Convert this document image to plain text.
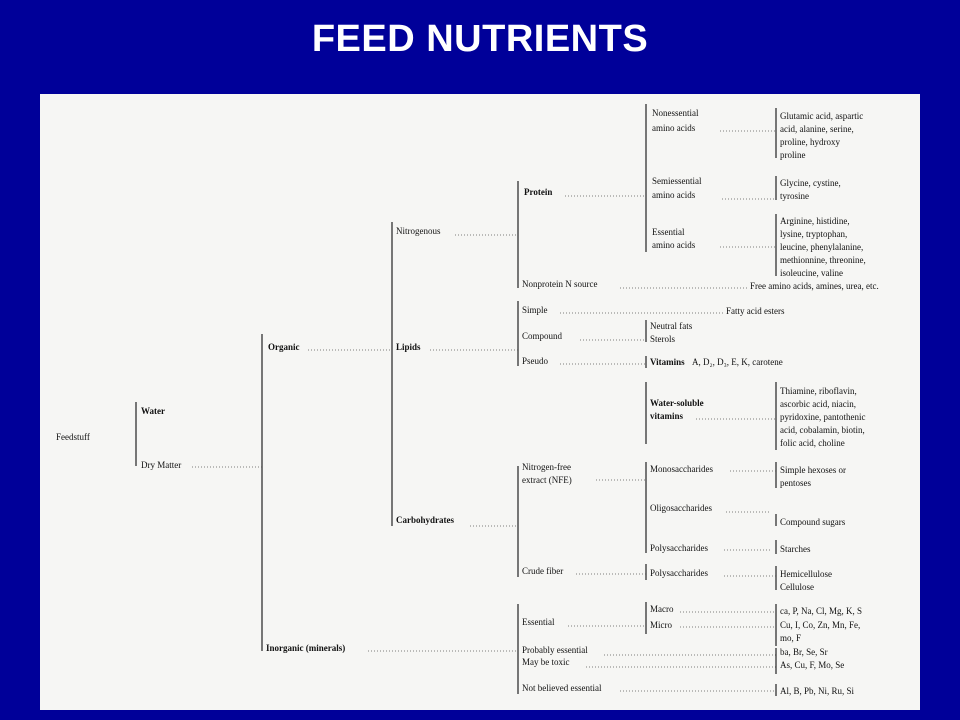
FEED NUTRIENTS
Feedstuff
Water
Dry Matter
Organic
Inorganic (minerals)
Nitrogenous
Lipids
Carbohydrates
Protein
Nonessential
amino acids
Glutamic acid, aspartic
acid, alanine, serine,
proline, hydroxy
proline
Semiessential
amino acids
Glycine, cystine,
tyrosine
Essential
amino acids
Arginine, histidine,
lysine, tryptophan,
leucine, phenylalanine,
methionnine, threonine,
isoleucine, valine
Nonprotein N source	Free amino acids, amines, urea, etc.
Simple	Fatty acid esters
Compound
Neutral fats
Sterols
Pseudo	Vitamins A, D₂, D₃, E, K, carotene
Water-soluble
vitamins
Thiamine, riboflavin,
ascorbic acid, niacin,
pyridoxine, pantothenic
acid, cobalamin, biotin,
folic acid, choline
Nitrogen-free
extract (NFE)
Monosaccharides	Simple hexoses or
pentoses
Oligosaccharides
Compound sugars
Polysaccharides	Starches
Crude fiber	Polysaccharides	Hemicellulose
Cellulose
Essential
Macro
Micro
ca, P, Na, Cl, Mg, K, S
Cu, I, Co, Zn, Mn, Fe,
mo, F
Probably essential	ba, Br, Se, Sr
May be toxic	As, Cu, F, Mo, Se
Not believed essential	Al, B, Pb, Ni, Ru, Si
